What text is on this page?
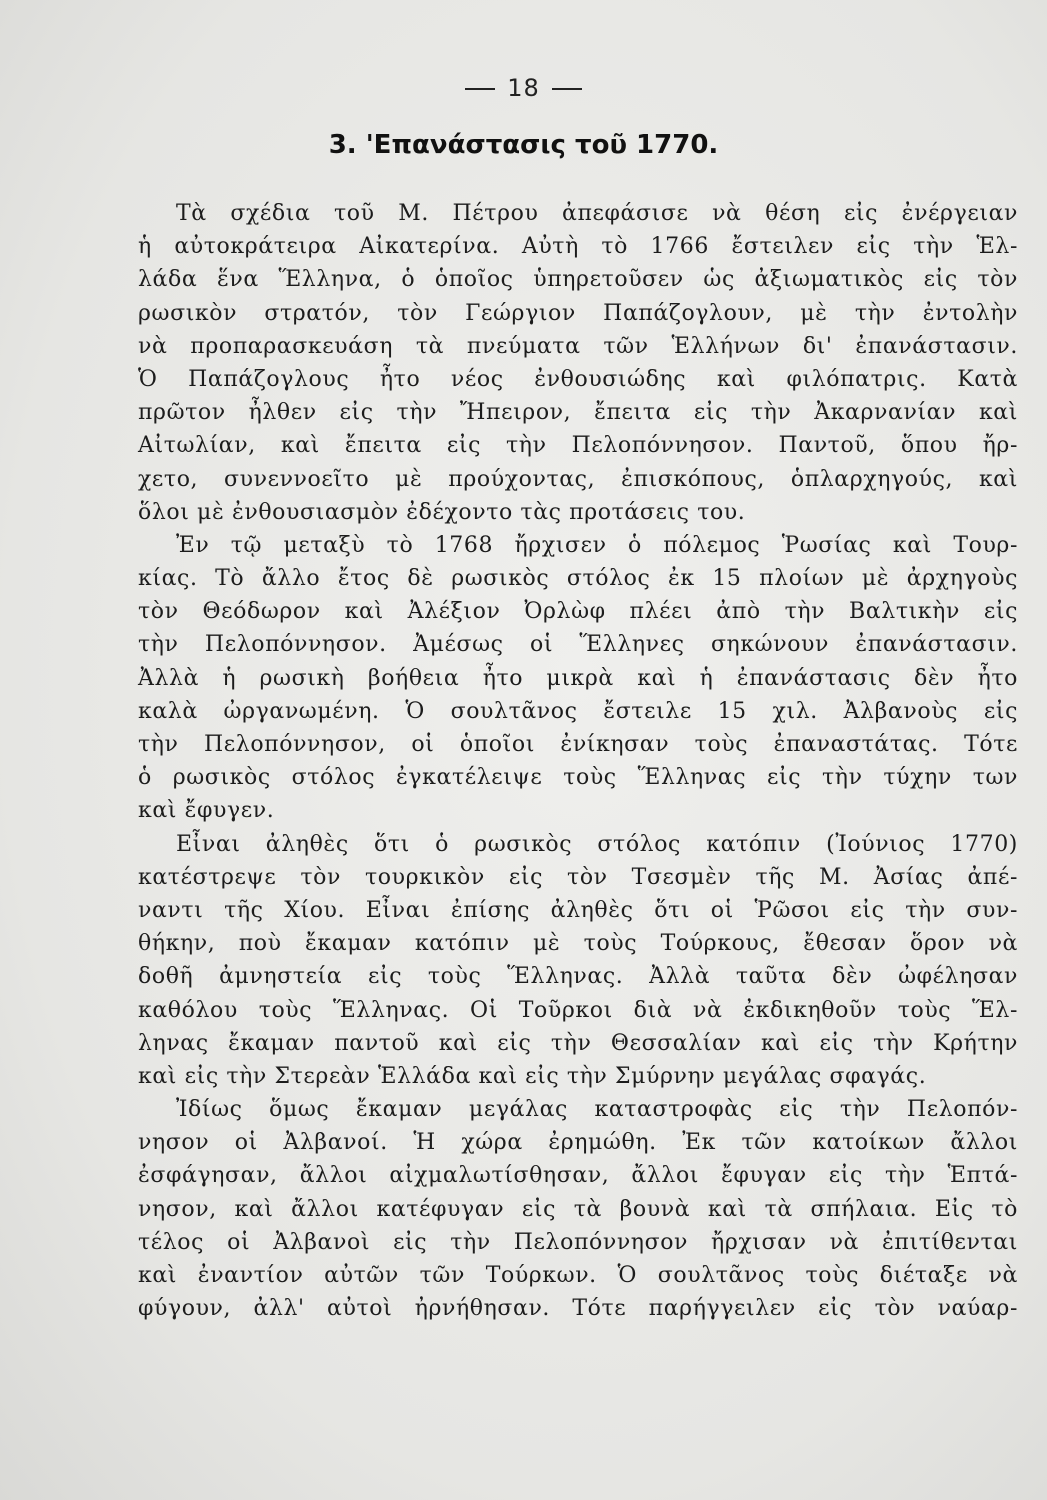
18
3. 'Επανάστασις τοῦ 1770.
Τὰ σχέδια τοῦ Μ. Πέτρου ἀπεφάσισε νὰ θέση εἰς ἐνέργειαν
ἡ αὐτοκράτειρα Αἰκατερίνα. Αὐτὴ τὸ 1766 ἔστειλεν εἰς τὴν Ἑλ-
λάδα ἕνα Ἕλληνα, ὁ ὁποῖος ὑπηρετοῦσεν ὡς ἀξιωματικὸς εἰς τὸν
ρωσικὸν στρατόν, τὸν Γεώργιον Παπάζογλουν, μὲ τὴν ἐντολὴν
νὰ προπαρασκευάση τὰ πνεύματα τῶν Ἑλλήνων δι' ἐπανάστασιν.
Ὁ Παπάζογλους ἦτο νέος ἐνθουσιώδης καὶ φιλόπατρις. Κατὰ
πρῶτον ἦλθεν εἰς τὴν Ἤπειρον, ἔπειτα εἰς τὴν Ἀκαρνανίαν καὶ
Αἰτωλίαν, καὶ ἔπειτα εἰς τὴν Πελοπόννησον. Παντοῦ, ὅπου ἤρ-
χετο, συνεννοεῖτο μὲ προύχοντας, ἐπισκόπους, ὁπλαρχηγούς, καὶ
ὅλοι μὲ ἐνθουσιασμὸν ἐδέχοντο τὰς προτάσεις του.
Ἐν τῷ μεταξὺ τὸ 1768 ἤρχισεν ὁ πόλεμος Ῥωσίας καὶ Τουρ-
κίας. Τὸ ἄλλο ἔτος δὲ ρωσικὸς στόλος ἐκ 15 πλοίων μὲ ἀρχηγοὺς
τὸν Θεόδωρον καὶ Ἀλέξιον Ὀρλὼφ πλέει ἀπὸ τὴν Βαλτικὴν εἰς
τὴν Πελοπόννησον. Ἀμέσως οἱ Ἕλληνες σηκώνουν ἐπανάστασιν.
Ἀλλὰ ἡ ρωσικὴ βοήθεια ἦτο μικρὰ καὶ ἡ ἐπανάστασις δὲν ἦτο
καλὰ ὠργανωμένη. Ὁ σουλτᾶνος ἔστειλε 15 χιλ. Ἀλβανοὺς εἰς
τὴν Πελοπόννησον, οἱ ὁποῖοι ἐνίκησαν τοὺς ἐπαναστάτας. Τότε
ὁ ρωσικὸς στόλος ἐγκατέλειψε τοὺς Ἕλληνας εἰς τὴν τύχην των
καὶ ἔφυγεν.
Εἶναι ἀληθὲς ὅτι ὁ ρωσικὸς στόλος κατόπιν (Ἰούνιος 1770)
κατέστρεψε τὸν τουρκικὸν εἰς τὸν Τσεσμὲν τῆς Μ. Ἀσίας ἀπέ-
ναντι τῆς Χίου. Εἶναι ἐπίσης ἀληθὲς ὅτι οἱ Ῥῶσοι εἰς τὴν συν-
θήκην, ποὺ ἔκαμαν κατόπιν μὲ τοὺς Τούρκους, ἔθεσαν ὅρον νὰ
δοθῆ ἀμνηστεία εἰς τοὺς Ἕλληνας. Ἀλλὰ ταῦτα δὲν ὠφέλησαν
καθόλου τοὺς Ἕλληνας. Οἱ Τοῦρκοι διὰ νὰ ἐκδικηθοῦν τοὺς Ἕλ-
ληνας ἔκαμαν παντοῦ καὶ εἰς τὴν Θεσσαλίαν καὶ εἰς τὴν Κρήτην
καὶ εἰς τὴν Στερεὰν Ἑλλάδα καὶ εἰς τὴν Σμύρνην μεγάλας σφαγάς.
Ἰδίως ὅμως ἔκαμαν μεγάλας καταστροφὰς εἰς τὴν Πελοπόν-
νησον οἱ Ἀλβανοί. Ἡ χώρα ἐρημώθη. Ἐκ τῶν κατοίκων ἄλλοι
ἐσφάγησαν, ἄλλοι αἰχμαλωτίσθησαν, ἄλλοι ἔφυγαν εἰς τὴν Ἑπτά-
νησον, καὶ ἄλλοι κατέφυγαν εἰς τὰ βουνὰ καὶ τὰ σπήλαια. Εἰς τὸ
τέλος οἱ Ἀλβανοὶ εἰς τὴν Πελοπόννησον ἤρχισαν νὰ ἐπιτίθενται
καὶ ἐναντίον αὐτῶν τῶν Τούρκων. Ὁ σουλτᾶνος τοὺς διέταξε νὰ
φύγουν, ἀλλ' αὐτοὶ ἠρνήθησαν. Τότε παρήγγειλεν εἰς τὸν ναύαρ-
